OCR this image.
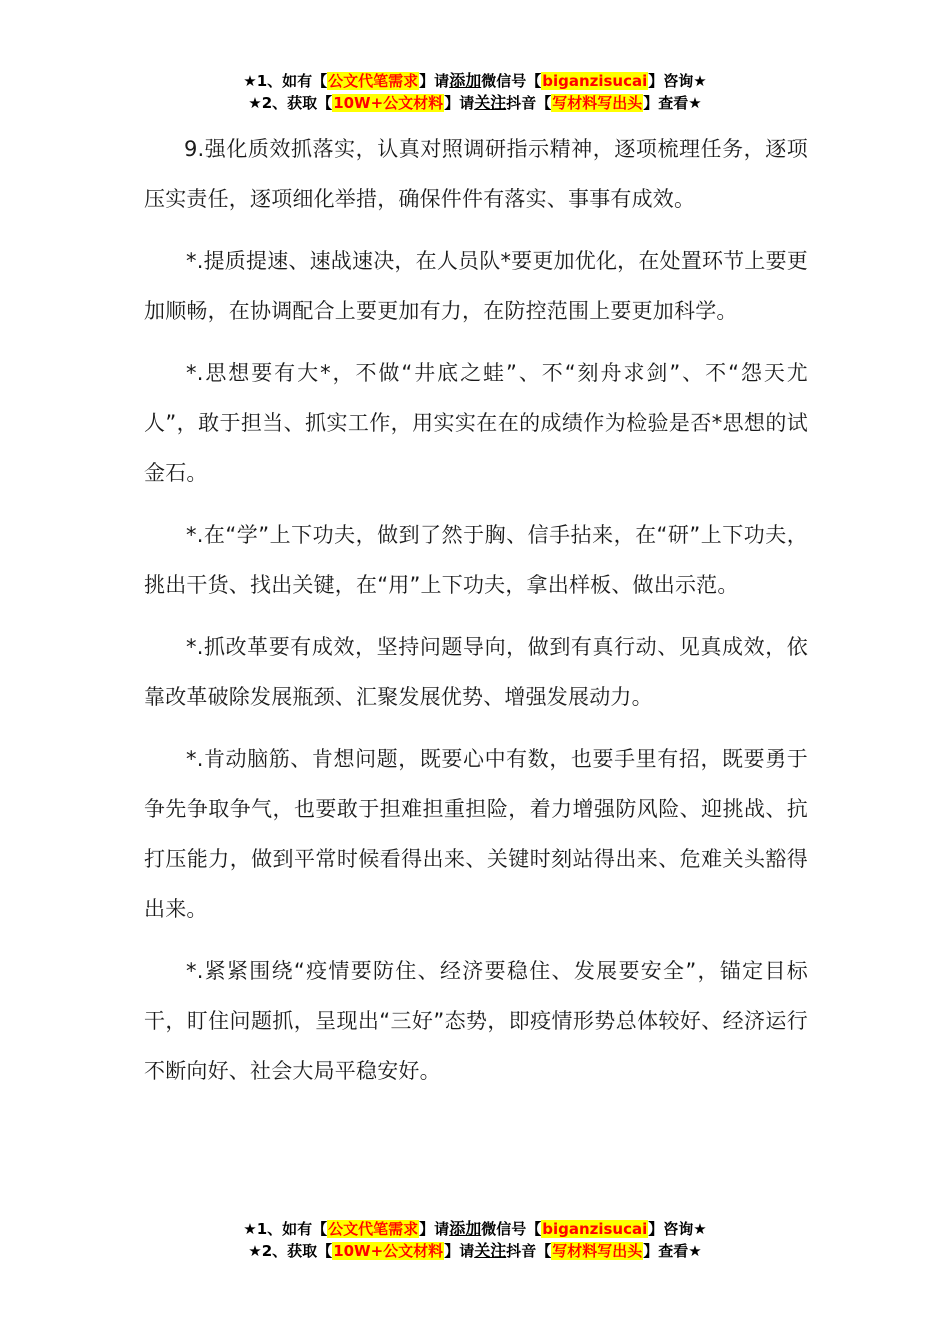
★1、如有【公文代笔需求】请添加微信号【biganzisucai】咨询★
★2、获取【10W+公文材料】请关注抖音【写材料写出头】查看★

9.强化质效抓落实，认真对照调研指示精神，逐项梳理任务，逐项压实责任，逐项细化举措，确保件件有落实、事事有成效。

*.提质提速、速战速决，在人员队*要更加优化，在处置环节上要更加顺畅，在协调配合上要更加有力，在防控范围上要更加科学。

*.思想要有大*，不做“井底之蛙”、不“刻舟求剑”、不“怨天尤人”，敢于担当、抓实工作，用实实在在的成绩作为检验是否*思想的试金石。

*.在“学”上下功夫，做到了然于胸、信手拈来，在“研”上下功夫，挑出干货、找出关键，在“用”上下功夫，拿出样板、做出示范。

*.抓改革要有成效，坚持问题导向，做到有真行动、见真成效，依靠改革破除发展瓶颈、汇聚发展优势、增强发展动力。

*.肯动脑筋、肯想问题，既要心中有数，也要手里有招，既要勇于争先争取争气，也要敢于担难担重担险，着力增强防风险、迎挑战、抗打压能力，做到平常时候看得出来、关键时刻站得出来、危难关头豁得出来。

*.紧紧围绕“疫情要防住、经济要稳住、发展要安全”，锚定目标干，盯住问题抓，呈现出“三好”态势，即疫情形势总体较好、经济运行不断向好、社会大局平稳安好。

★1、如有【公文代笔需求】请添加微信号【biganzisucai】咨询★
★2、获取【10W+公文材料】请关注抖音【写材料写出头】查看★
